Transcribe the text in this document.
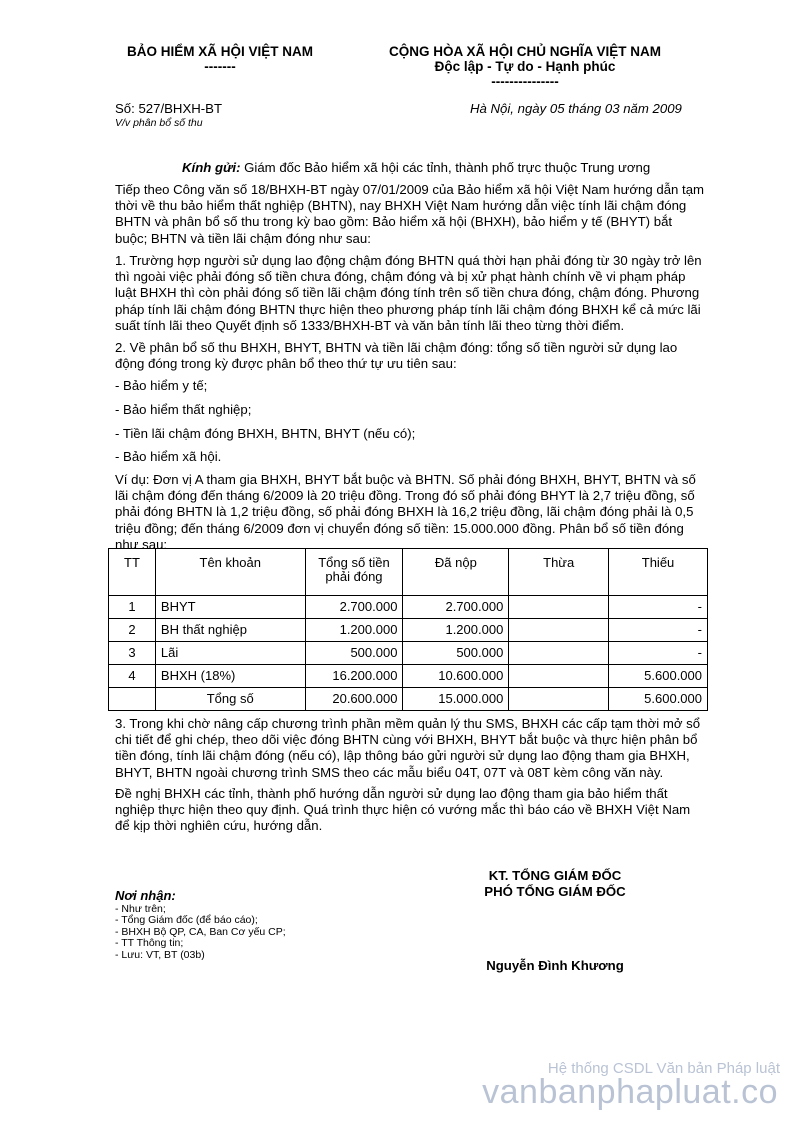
BẢO HIỂM XÃ HỘI VIỆT NAM
-------
CỘNG HÒA XÃ HỘI CHỦ NGHĨA VIỆT NAM
Độc lập - Tự do - Hạnh phúc
---------------
Số: 527/BHXH-BT
V/v phân bổ số thu
Hà Nội, ngày 05 tháng 03 năm 2009
Kính gửi: Giám đốc Bảo hiểm xã hội các tỉnh, thành phố trực thuộc Trung ương
Tiếp theo Công văn số 18/BHXH-BT ngày 07/01/2009 của Bảo hiểm xã hội Việt Nam hướng dẫn tạm thời về thu bảo hiểm thất nghiệp (BHTN), nay BHXH Việt Nam hướng dẫn việc tính lãi chậm đóng BHTN và phân bổ số thu trong kỳ bao gồm: Bảo hiểm xã hội (BHXH), bảo hiểm y tế (BHYT) bắt buộc; BHTN và tiền lãi chậm đóng như sau:
1. Trường hợp người sử dụng lao động chậm đóng BHTN quá thời hạn phải đóng từ 30 ngày trở lên thì ngoài việc phải đóng số tiền chưa đóng, chậm đóng và bị xử phạt hành chính về vi phạm pháp luật BHXH thì còn phải đóng số tiền lãi chậm đóng tính trên số tiền chưa đóng, chậm đóng. Phương pháp tính lãi chậm đóng BHTN thực hiện theo phương pháp tính lãi chậm đóng BHXH kể cả mức lãi suất tính lãi theo Quyết định số 1333/BHXH-BT và văn bản tính lãi theo từng thời điểm.
2. Về phân bổ số thu BHXH, BHYT, BHTN và tiền lãi chậm đóng: tổng số tiền người sử dụng lao động đóng trong kỳ được phân bổ theo thứ tự ưu tiên sau:
- Bảo hiểm y tế;
- Bảo hiểm thất nghiệp;
- Tiền lãi chậm đóng BHXH, BHTN, BHYT (nếu có);
- Bảo hiểm xã hội.
Ví dụ: Đơn vị A tham gia BHXH, BHYT bắt buộc và BHTN. Số phải đóng BHXH, BHYT, BHTN và số lãi chậm đóng đến tháng 6/2009 là 20 triệu đồng. Trong đó số phải đóng BHYT là 2,7 triệu đồng, số phải đóng BHTN là 1,2 triệu đồng, số phải đóng BHXH là 16,2 triệu đồng, lãi chậm đóng phải là 0,5 triệu đồng; đến tháng 6/2009 đơn vị chuyển đóng số tiền: 15.000.000 đồng. Phân bổ số tiền đóng như sau:
TT	Tên khoản	Tổng số tiền phải đóng	Đã nộp	Thừa	Thiếu
1	BHYT	2.700.000	2.700.000		-
2	BH thất nghiệp	1.200.000	1.200.000		-
3	Lãi	500.000	500.000		-
4	BHXH (18%)	16.200.000	10.600.000		5.600.000
	Tổng số	20.600.000	15.000.000		5.600.000
3. Trong khi chờ nâng cấp chương trình phần mềm quản lý thu SMS, BHXH các cấp tạm thời mở sổ chi tiết để ghi chép, theo dõi việc đóng BHTN cùng với BHXH, BHYT bắt buộc và thực hiện phân bổ tiền đóng, tính lãi chậm đóng (nếu có), lập thông báo gửi người sử dụng lao động tham gia BHXH, BHYT, BHTN ngoài chương trình SMS theo các mẫu biểu 04T, 07T và 08T kèm công văn này.
Đề nghị BHXH các tỉnh, thành phố hướng dẫn người sử dụng lao động tham gia bảo hiểm thất nghiệp thực hiện theo quy định. Quá trình thực hiện có vướng mắc thì báo cáo về BHXH Việt Nam để kịp thời nghiên cứu, hướng dẫn.
KT. TỔNG GIÁM ĐỐC
PHÓ TỔNG GIÁM ĐỐC
Nguyễn Đình Khương
Nơi nhận:
- Như trên;
- Tổng Giám đốc (để báo cáo);
- BHXH Bộ QP, CA, Ban Cơ yếu CP;
- TT Thông tin;
- Lưu: VT, BT (03b)
Hệ thống CSDL Văn bản Pháp luật
vanbanphapluat.co
